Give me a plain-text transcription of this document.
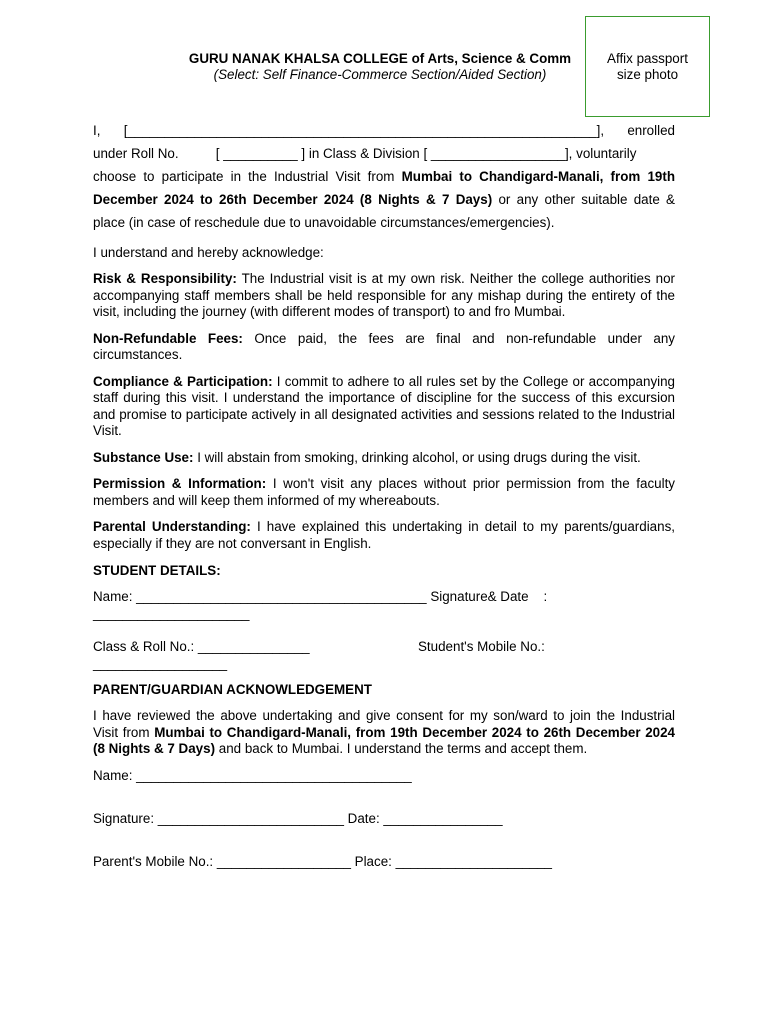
GURU NANAK KHALSA COLLEGE of Arts, Science & Comm
(Select: Self Finance-Commerce Section/Aided Section)
Affix passport size photo
I, [_______________________________________________________________], enrolled
under Roll No.          [ __________ ] in Class & Division [ __________________], voluntarily
choose to participate in the Industrial Visit from Mumbai to Chandigard-Manali, from 19th
December 2024 to 26th December 2024 (8 Nights & 7 Days) or any other suitable date &
place (in case of reschedule due to unavoidable circumstances/emergencies).
I understand and hereby acknowledge:

Risk & Responsibility: The Industrial visit is at my own risk. Neither the college authorities nor accompanying staff members shall be held responsible for any mishap during the entirety of the visit, including the journey (with different modes of transport) to and fro Mumbai.

Non-Refundable Fees: Once paid, the fees are final and non-refundable under any circumstances.

Compliance & Participation: I commit to adhere to all rules set by the College or accompanying staff during this visit. I understand the importance of discipline for the success of this excursion and promise to participate actively in all designated activities and sessions related to the Industrial Visit.

Substance Use: I will abstain from smoking, drinking alcohol, or using drugs during the visit.

Permission & Information: I won't visit any places without prior permission from the faculty members and will keep them informed of my whereabouts.

Parental Understanding: I have explained this undertaking in detail to my parents/guardians, especially if they are not conversant in English.

STUDENT DETAILS:
Name: _______________________________________ Signature& Date    :
_____________________
Class & Roll No.: _______________	Student's Mobile No.:
__________________
PARENT/GUARDIAN ACKNOWLEDGEMENT

I have reviewed the above undertaking and give consent for my son/ward to join the Industrial Visit from Mumbai to Chandigard-Manali, from 19th December 2024 to 26th December 2024 (8 Nights & 7 Days) and back to Mumbai. I understand the terms and accept them.

Name: _____________________________________
Signature: _________________________ Date: ________________
Parent's Mobile No.: __________________ Place: _____________________
